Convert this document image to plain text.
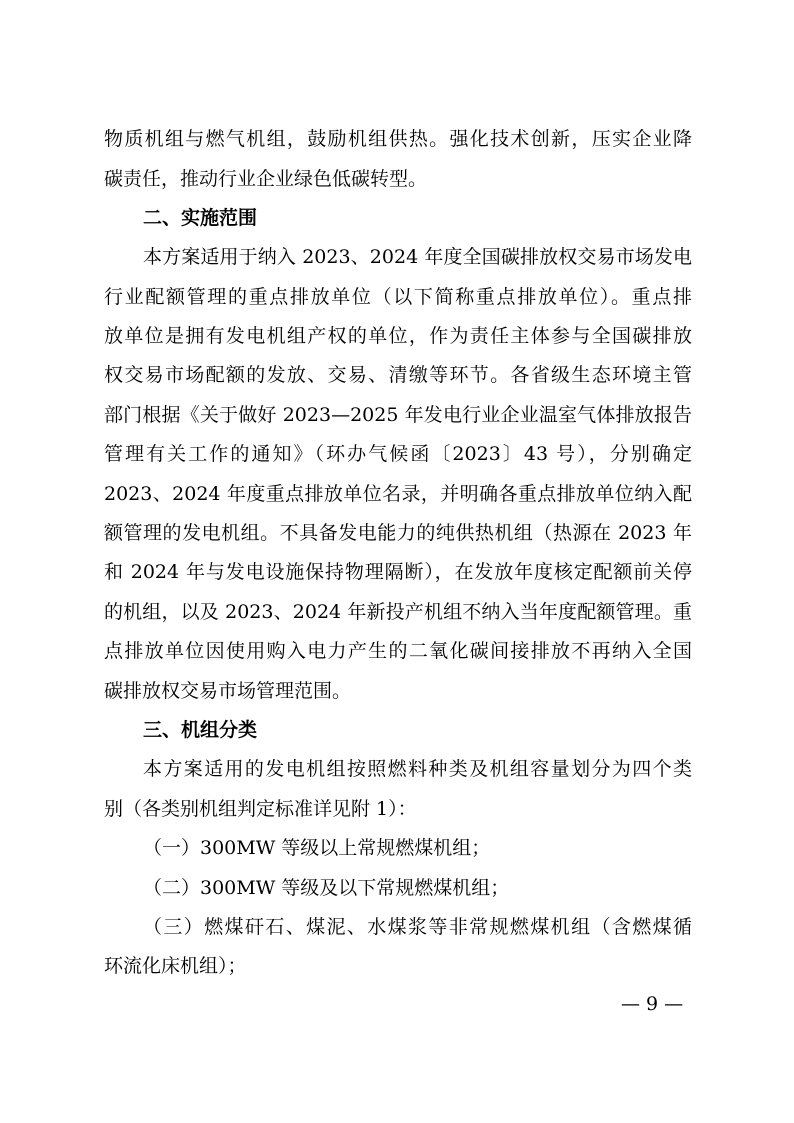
物质机组与燃气机组，鼓励机组供热。强化技术创新，压实企业降
碳责任，推动行业企业绿色低碳转型。
二、实施范围
本方案适用于纳入 2023、2024 年度全国碳排放权交易市场发电
行业配额管理的重点排放单位（以下简称重点排放单位）。重点排
放单位是拥有发电机组产权的单位，作为责任主体参与全国碳排放
权交易市场配额的发放、交易、清缴等环节。各省级生态环境主管
部门根据《关于做好 2023—2025 年发电行业企业温室气体排放报告
管理有关工作的通知》（环办气候函〔2023〕43 号），分别确定
2023、2024 年度重点排放单位名录，并明确各重点排放单位纳入配
额管理的发电机组。不具备发电能力的纯供热机组（热源在 2023 年
和 2024 年与发电设施保持物理隔断），在发放年度核定配额前关停
的机组，以及 2023、2024 年新投产机组不纳入当年度配额管理。重
点排放单位因使用购入电力产生的二氧化碳间接排放不再纳入全国
碳排放权交易市场管理范围。
三、机组分类
本方案适用的发电机组按照燃料种类及机组容量划分为四个类
别（各类别机组判定标准详见附 1）：
（一）300MW 等级以上常规燃煤机组；
（二）300MW 等级及以下常规燃煤机组；
（三）燃煤矸石、煤泥、水煤浆等非常规燃煤机组（含燃煤循
环流化床机组）；
— 9 —
